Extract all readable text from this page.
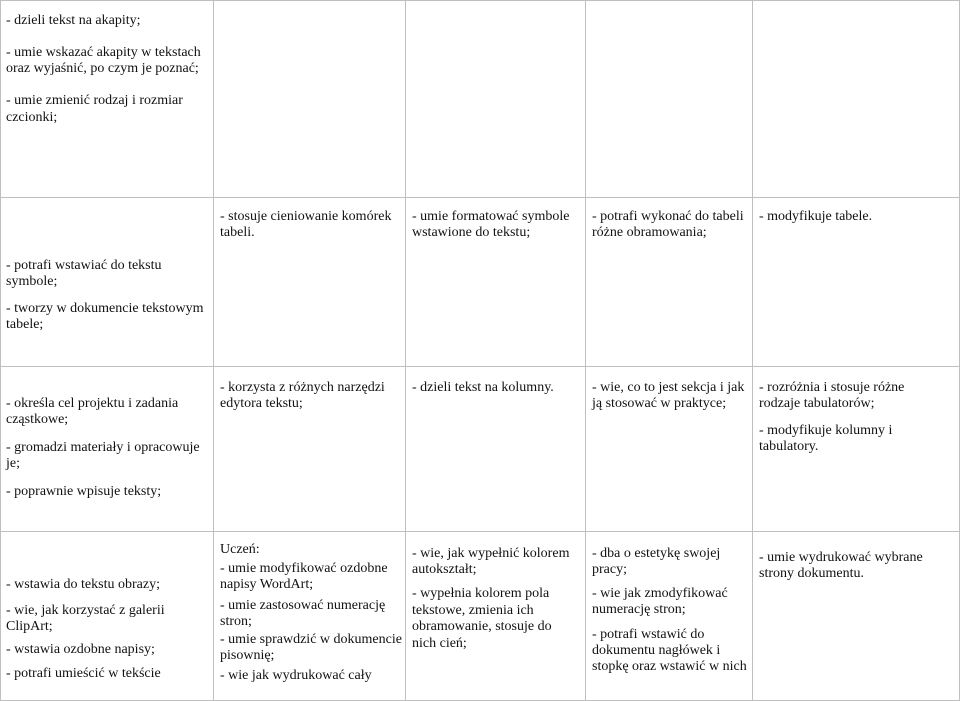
- dzieli tekst na akapity;
- umie wskazać akapity w tekstach
oraz wyjaśnić, po czym je poznać;
- umie zmienić rodzaj i rozmiar
czcionki;
- potrafi wstawiać do tekstu
symbole;
- tworzy w dokumencie tekstowym
tabele;
- stosuje cieniowanie komórek
tabeli.
- umie formatować symbole
wstawione do tekstu;
- potrafi wykonać do tabeli
różne obramowania;
- modyfikuje tabele.
- określa cel projektu i zadania
cząstkowe;
- gromadzi materiały i opracowuje
je;
- poprawnie wpisuje teksty;
- korzysta z różnych narzędzi
edytora tekstu;
- dzieli tekst na kolumny.	- wie, co to jest sekcja i jak
ją stosować w praktyce;
- rozróżnia i stosuje różne
rodzaje tabulatorów;
- modyfikuje kolumny i
tabulatory.
- wstawia do tekstu obrazy;
- wie, jak korzystać z galerii
ClipArt;
- wstawia ozdobne napisy;
- potrafi umieścić w tekście
Uczeń:
- umie modyfikować ozdobne
napisy WordArt;
- umie zastosować numerację
stron;
- umie sprawdzić w dokumencie
pisownię;
- wie jak wydrukować cały
- wie, jak wypełnić kolorem
autokształt;
- wypełnia kolorem pola
tekstowe, zmienia ich
obramowanie, stosuje do
nich cień;
- dba o estetykę swojej
pracy;
- wie jak zmodyfikować
numerację stron;
- potrafi wstawić do
dokumentu nagłówek i
stopkę oraz wstawić w nich
- umie wydrukować wybrane
strony dokumentu.
